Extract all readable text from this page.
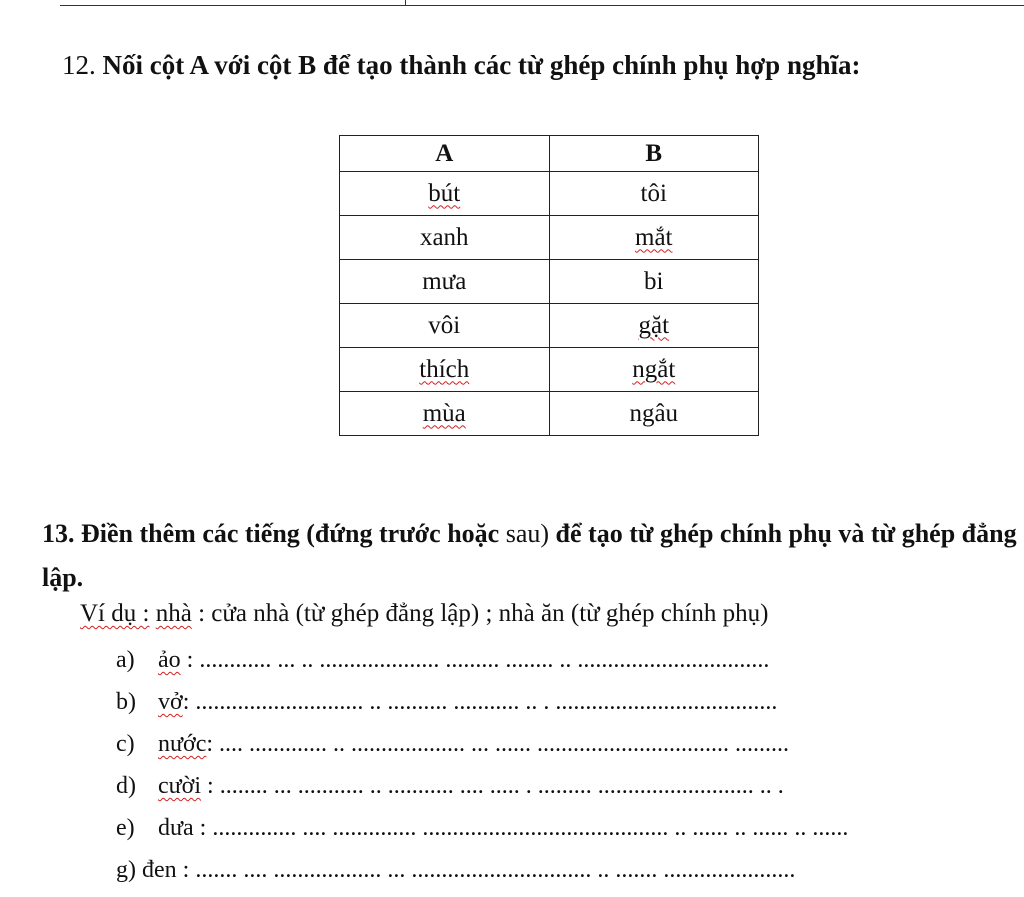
12. Nối cột A với cột B để tạo thành các từ ghép chính phụ hợp nghĩa:
A	B
bút	tôi
xanh	mắt
mưa	bi
vôi	gặt
thích	ngắt
mùa	ngâu
13. Điền thêm các tiếng (đứng trước hoặc sau) để tạo từ ghép chính phụ và từ ghép đẳng lập.
Ví dụ : nhà : cửa nhà (từ ghép đẳng lập) ; nhà ăn (từ ghép chính phụ)
a) ảo : ............ ... .. .................... ......... ........ .. ................................
b) vở: ............................ .. .......... ........... .. . .....................................
c) nước: .... ............. .. ................... ... ...... ................................ .........
d) cười : ........ ... ........... .. ........... .... ..... . ......... .......................... .. .
e) dưa : .............. .... .............. ......................................... .. ...... .. ...... .. ......
g) đen : ....... .... .................. ... .............................. .. ....... ......................
